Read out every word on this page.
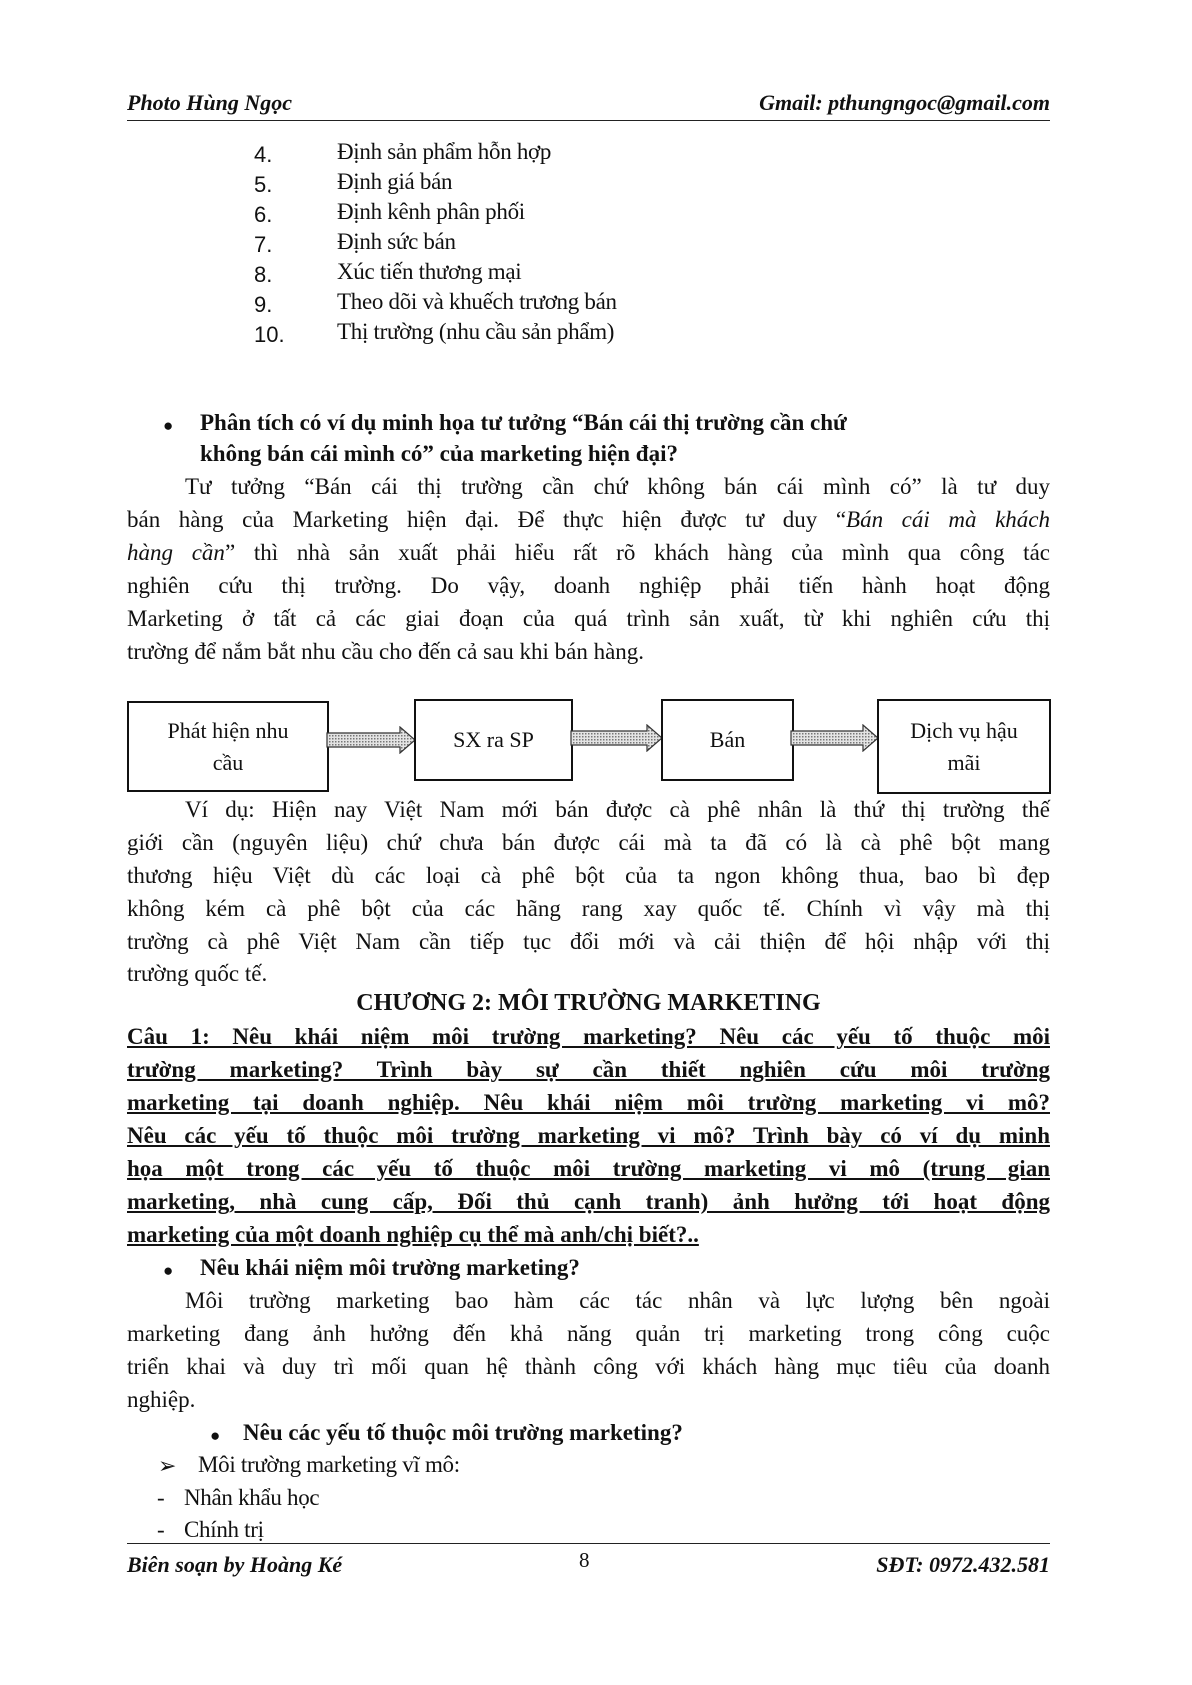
Photo Hùng Ngọc	Gmail: pthungngoc@gmail.com
4.	Định sản phẩm hỗn hợp
5.	Định giá bán
6.	Định kênh phân phối
7.	Định sức bán
8.	Xúc tiến thương mại
9.	Theo dõi và khuếch trương bán
10. Thị trường (nhu cầu sản phẩm)
● Phân tích có ví dụ minh họa tư tưởng “Bán cái thị trường cần chứ
không bán cái mình có” của marketing hiện đại?
Tư tưởng “Bán cái thị trường cần chứ không bán cái mình có” là tư duy
bán hàng của Marketing hiện đại. Để thực hiện được tư duy “Bán cái mà khách
hàng cần” thì nhà sản xuất phải hiểu rất rõ khách hàng của mình qua công tác
nghiên cứu thị trường. Do vậy, doanh nghiệp phải tiến hành hoạt động
Marketing ở tất cả các giai đoạn của quá trình sản xuất, từ khi nghiên cứu thị
trường để nắm bắt nhu cầu cho đến cả sau khi bán hàng.
Phát hiện nhu
cầu
SX ra SP	Bán	Dịch vụ hậu
mãi
Ví dụ: Hiện nay Việt Nam mới bán được cà phê nhân là thứ thị trường thế
giới cần (nguyên liệu) chứ chưa bán được cái mà ta đã có là cà phê bột mang
thương hiệu Việt dù các loại cà phê bột của ta ngon không thua, bao bì đẹp
không kém cà phê bột của các hãng rang xay quốc tế. Chính vì vậy mà thị
trường cà phê Việt Nam cần tiếp tục đổi mới và cải thiện để hội nhập với thị
trường quốc tế.
CHƯƠNG 2: MÔI TRƯỜNG MARKETING
Câu 1: Nêu khái niệm môi trường marketing? Nêu các yếu tố thuộc môi
trường marketing? Trình bày sự cần thiết nghiên cứu môi trường
marketing tại doanh nghiệp. Nêu khái niệm môi trường marketing vi mô?
Nêu các yếu tố thuộc môi trường marketing vi mô? Trình bày có ví dụ minh
họa một trong các yếu tố thuộc môi trường marketing vi mô (trung gian
marketing, nhà cung cấp, Đối thủ cạnh tranh) ảnh hưởng tới hoạt động
marketing của một doanh nghiệp cụ thể mà anh/chị biết?..
● Nêu khái niệm môi trường marketing?
Môi trường marketing bao hàm các tác nhân và lực lượng bên ngoài
marketing đang ảnh hưởng đến khả năng quản trị marketing trong công cuộc
triển khai và duy trì mối quan hệ thành công với khách hàng mục tiêu của doanh
nghiệp.
● Nêu các yếu tố thuộc môi trường marketing?
➢ Môi trường marketing vĩ mô:
- Nhân khẩu học
- Chính trị
Biên soạn by Hoàng Ké	8	SĐT: 0972.432.581
